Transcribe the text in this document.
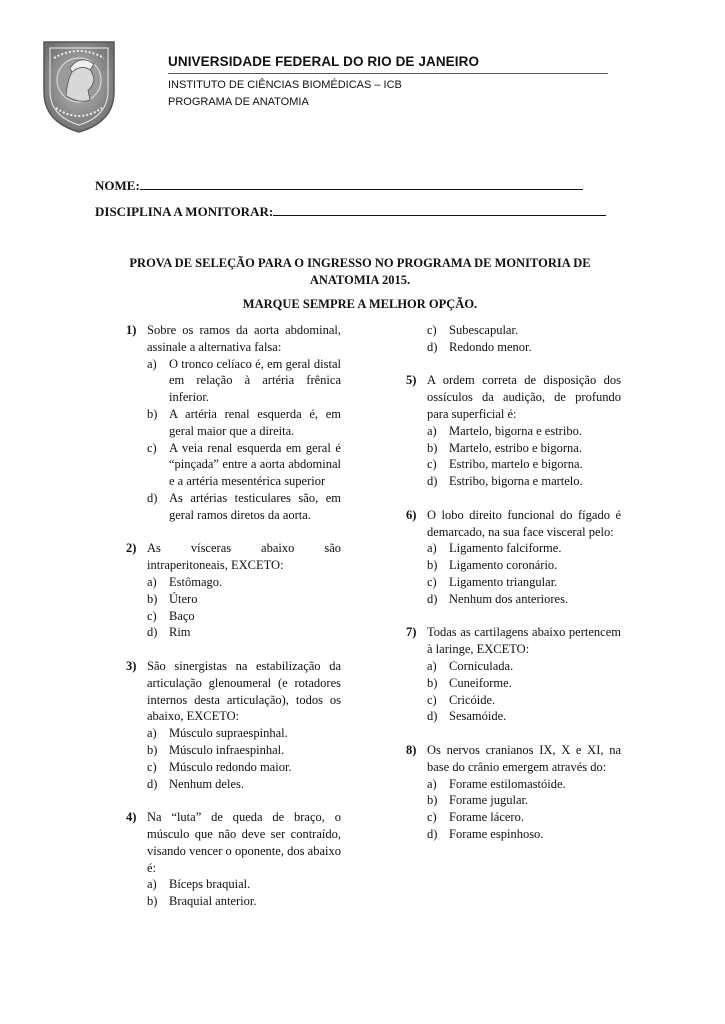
UNIVERSIDADE FEDERAL DO RIO DE JANEIRO
INSTITUTO DE CIÊNCIAS BIOMÉDICAS – ICB
PROGRAMA DE ANATOMIA
NOME:
DISCIPLINA A MONITORAR:
PROVA DE SELEÇÃO PARA O INGRESSO NO PROGRAMA DE MONITORIA DE ANATOMIA 2015.
MARQUE SEMPRE A MELHOR OPÇÃO.
1) Sobre os ramos da aorta abdominal, assinale a alternativa falsa:
a) O tronco celíaco é, em geral distal em relação à artéria frênica inferior.
b) A artéria renal esquerda é, em geral maior que a direita.
c) A veia renal esquerda em geral é “pinçada” entre a aorta abdominal e a artéria mesentérica superior
d) As artérias testiculares são, em geral ramos diretos da aorta.
2) As vísceras abaixo são intraperitoneais, EXCETO:
a) Estômago.
b) Útero
c) Baço
d) Rim
3) São sinergistas na estabilização da articulação glenoumeral (e rotadores internos desta articulação), todos os abaixo, EXCETO:
a) Músculo supraespinhal.
b) Músculo infraespinhal.
c) Músculo redondo maior.
d) Nenhum deles.
4) Na “luta” de queda de braço, o músculo que não deve ser contraído, visando vencer o oponente, dos abaixo é:
a) Bíceps braquial.
b) Braquial anterior.
c) Subescapular.
d) Redondo menor.
5) A ordem correta de disposição dos ossículos da audição, de profundo para superficial é:
a) Martelo, bigorna e estribo.
b) Martelo, estribo e bigorna.
c) Estribo, martelo e bigorna.
d) Estribo, bigorna e martelo.
6) O lobo direito funcional do fígado é demarcado, na sua face visceral pelo:
a) Ligamento falciforme.
b) Ligamento coronário.
c) Ligamento triangular.
d) Nenhum dos anteriores.
7) Todas as cartilagens abaixo pertencem à laringe, EXCETO:
a) Corniculada.
b) Cuneiforme.
c) Cricóide.
d) Sesamóide.
8) Os nervos cranianos IX, X e XI, na base do crânio emergem através do:
a) Forame estilomastóide.
b) Forame jugular.
c) Forame lácero.
d) Forame espinhoso.
